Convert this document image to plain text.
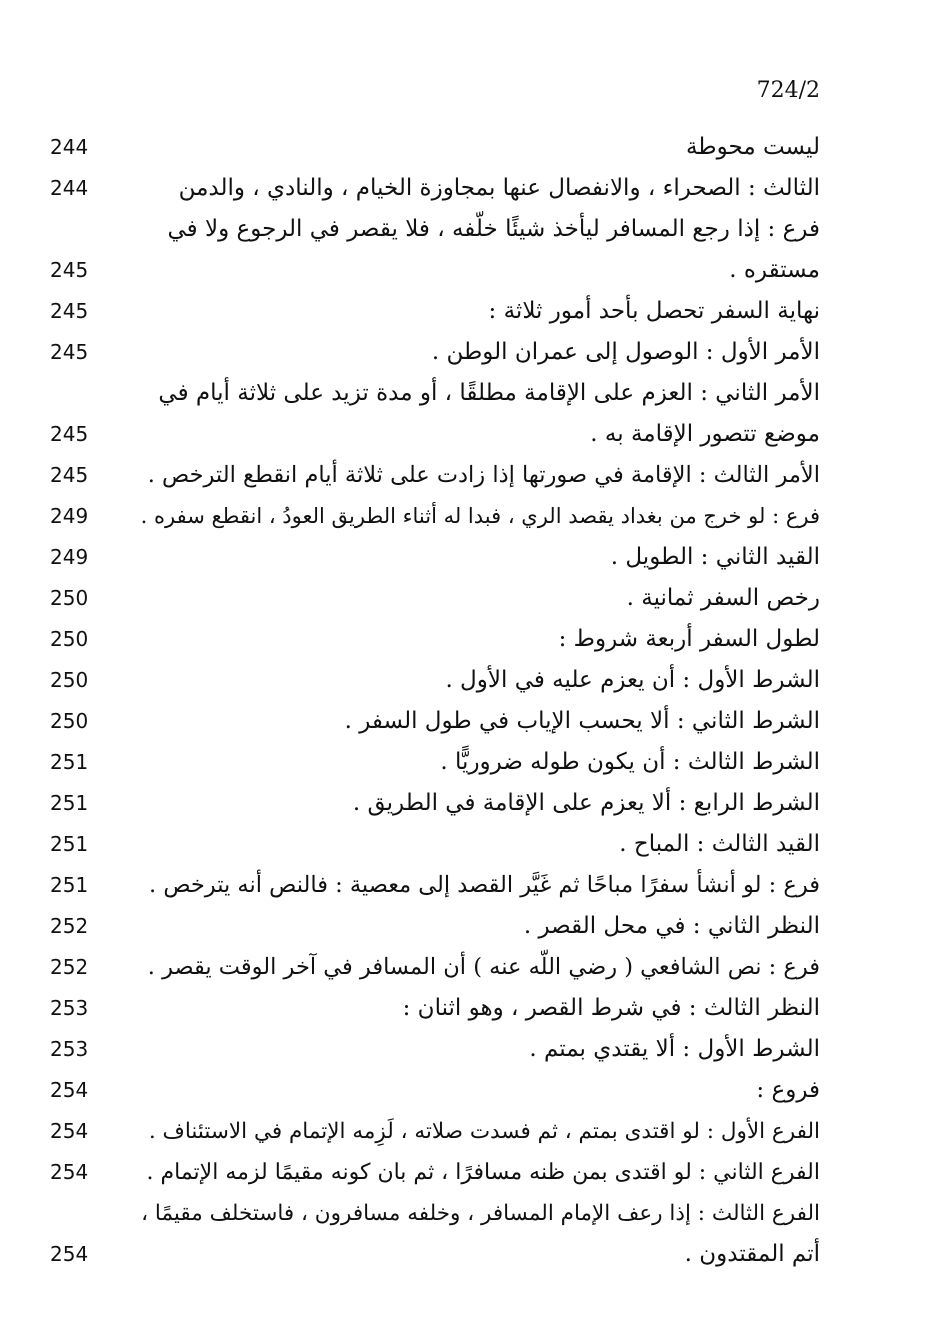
724/2
ليست محوطة
244
الثالث : الصحراء ، والانفصال عنها بمجاوزة الخيام ، والنادي ، والدمن
244
فرع : إذا رجع المسافر ليأخذ شيئًا خلّفه ، فلا يقصر في الرجوع ولا في
مستقره .
245
نهاية السفر تحصل بأحد أمور ثلاثة :
245
الأمر الأول : الوصول إلى عمران الوطن .
245
الأمر الثاني : العزم على الإقامة مطلقًا ، أو مدة تزيد على ثلاثة أيام في
موضع تتصور الإقامة به .
245
الأمر الثالث : الإقامة في صورتها إذا زادت على ثلاثة أيام انقطع الترخص .
245
فرع : لو خرج من بغداد يقصد الري ، فبدا له أثناء الطريق العودُ ، انقطع سفره .
249
القيد الثاني : الطويل .
249
رخص السفر ثمانية .
250
لطول السفر أربعة شروط :
250
الشرط الأول : أن يعزم عليه في الأول .
250
الشرط الثاني : ألا يحسب الإياب في طول السفر .
250
الشرط الثالث : أن يكون طوله ضروريًّا .
251
الشرط الرابع : ألا يعزم على الإقامة في الطريق .
251
القيد الثالث : المباح .
251
فرع : لو أنشأ سفرًا مباحًا ثم غَيَّر القصد إلى معصية : فالنص أنه يترخص .
251
النظر الثاني : في محل القصر .
252
فرع : نص الشافعي ( رضي اللّه عنه ) أن المسافر في آخر الوقت يقصر .
252
النظر الثالث : في شرط القصر ، وهو اثنان :
253
الشرط الأول : ألا يقتدي بمتم .
253
فروع :
254
الفرع الأول : لو اقتدى بمتم ، ثم فسدت صلاته ، لَزِمه الإتمام في الاستئناف .
254
الفرع الثاني : لو اقتدى بمن ظنه مسافرًا ، ثم بان كونه مقيمًا لزمه الإتمام .
254
الفرع الثالث : إذا رعف الإمام المسافر ، وخلفه مسافرون ، فاستخلف مقيمًا ،
أتم المقتدون .
254
